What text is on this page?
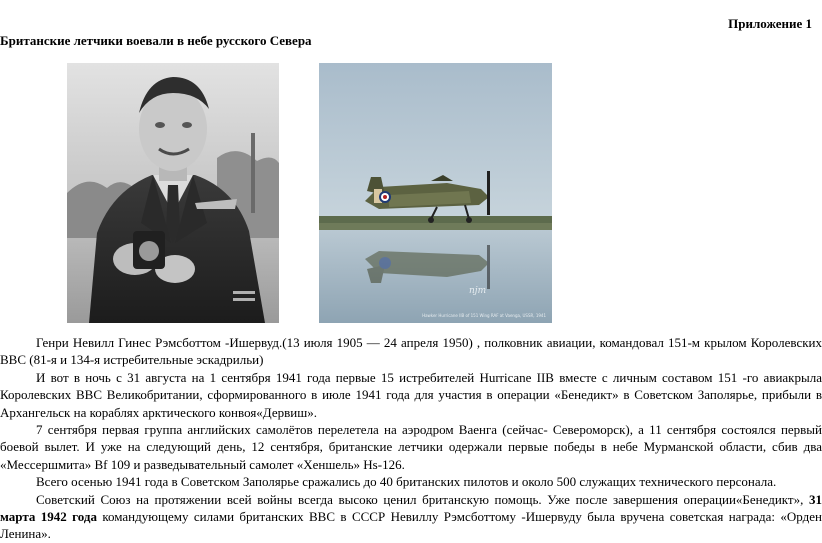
Приложение 1
Британские летчики воевали в небе русского Севера
njm
Hawker Hurricane IIB of 151 Wing RAF at Vaenga, USSR, 1941

Генри Невилл Гинес Рэмсботтом -Ишервуд.(13 июля 1905 — 24 апреля 1950) , полковник авиации, командовал 151-м крылом Королевских ВВС (81-я и 134-я истребительные эскадрильи)

И вот в ночь с 31 августа на 1 сентября 1941 года первые 15 истребителей Hurricane IIB вместе с личным составом 151 -го авиакрыла Королевских ВВС Великобритании, сформированного в июле 1941 года для участия в операции «Бенедикт» в Советском Заполярье, прибыли в Архангельск на кораблях арктического конвоя«Дервиш».

7 сентября первая группа английских самолётов перелетела на аэродром Ваенга (сейчас- Североморск), а 11 сентября состоялся первый боевой вылет. И уже на следующий день, 12 сентября, британские летчики одержали первые победы в небе Мурманской области, сбив два «Мессершмита» Bf 109 и разведывательный самолет «Хеншель» Hs-126.

Всего осенью 1941 года в Советском Заполярье сражались до 40 британских пилотов и около 500 служащих технического персонала.

Советский Союз на протяжении всей войны всегда высоко ценил британскую помощь. Уже после завершения операции«Бенедикт», 31 марта 1942 года командующему силами британских ВВС в СССР Невиллу Рэмсботтому -Ишервуду была вручена советская награда: «Орден Ленина».
